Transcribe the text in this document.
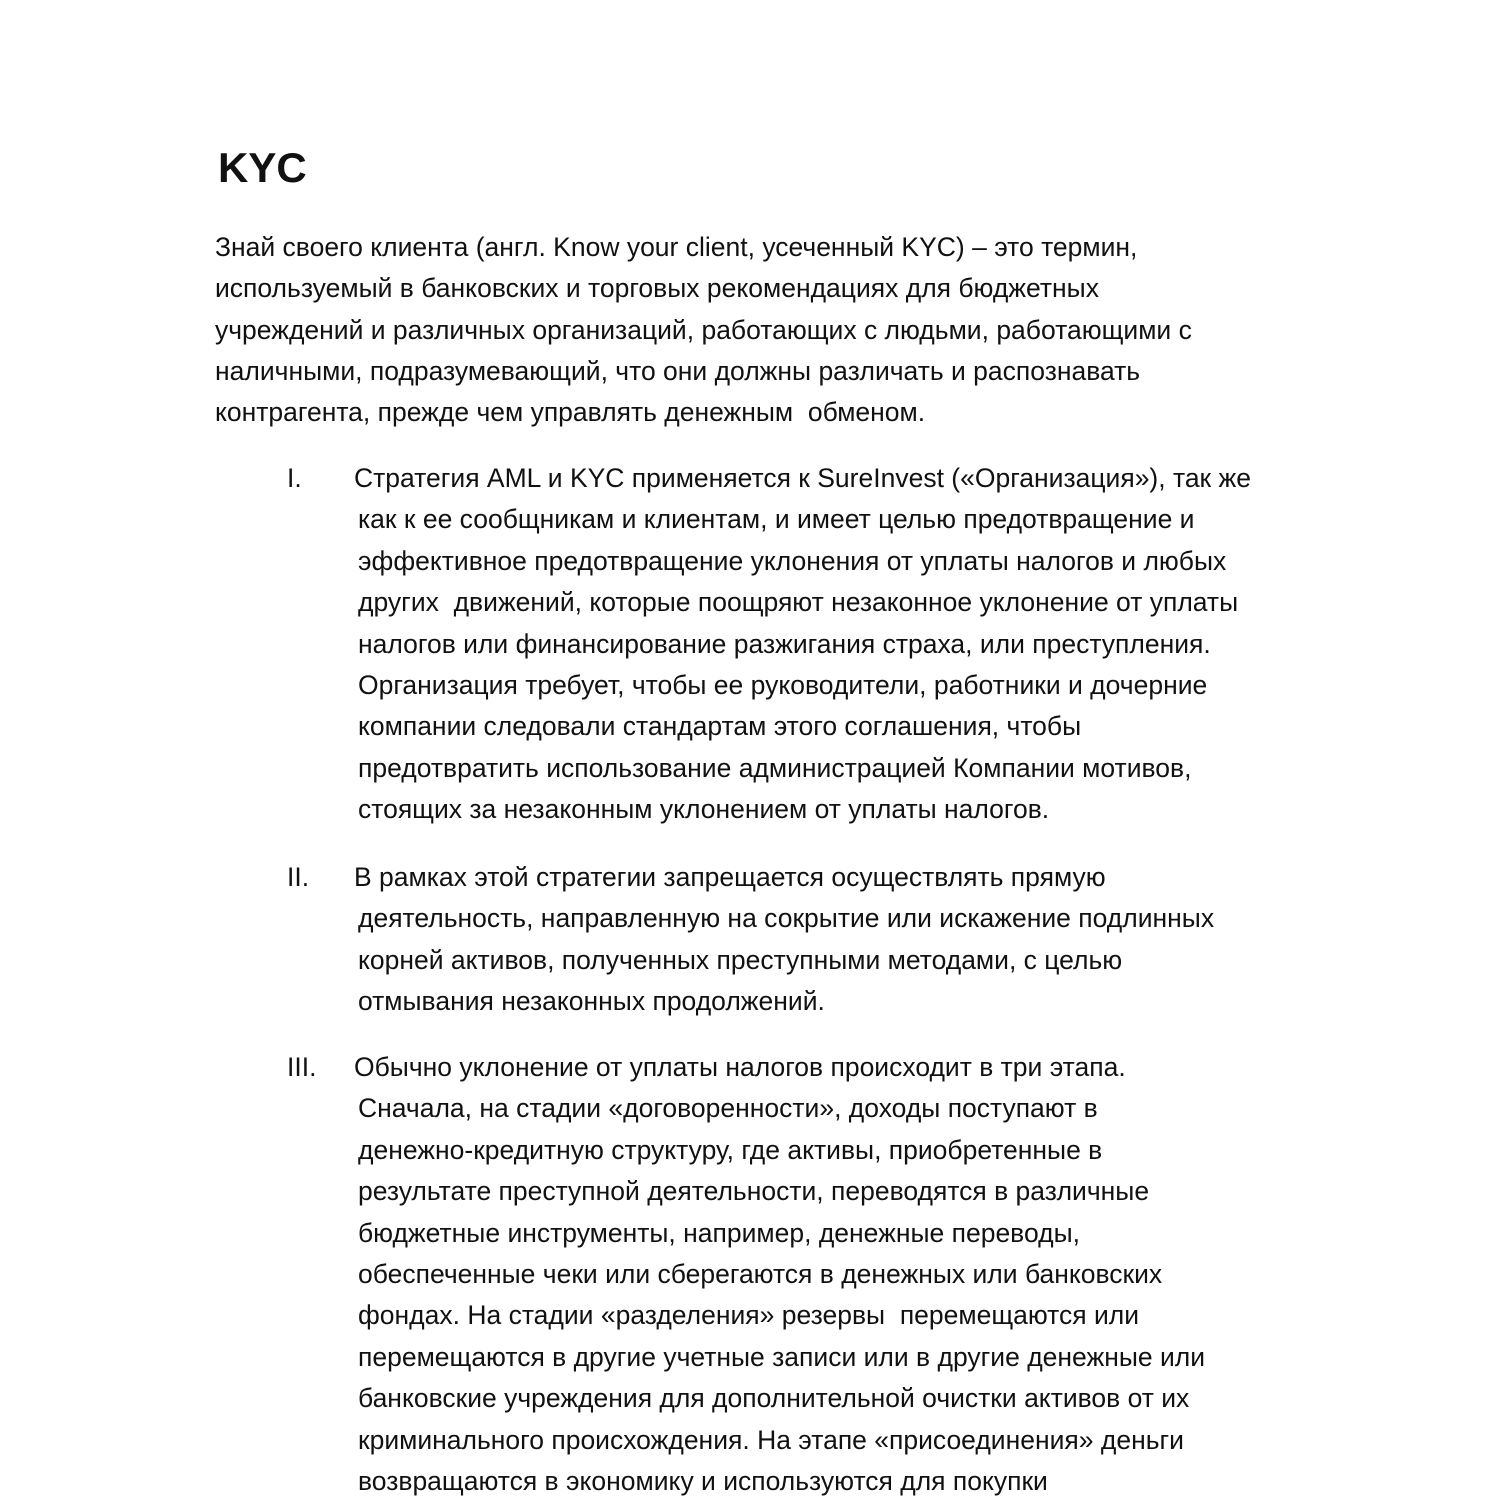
KYC
Знай своего клиента (англ. Know your client, усеченный KYC) – это термин,
используемый в банковских и торговых рекомендациях для бюджетных
учреждений и различных организаций, работающих с людьми, работающими с
наличными, подразумевающий, что они должны различать и распознавать
контрагента, прежде чем управлять денежным  обменом.
I. Стратегия AML и KYC применяется к SureInvest («Организация»), так же
как к ее сообщникам и клиентам, и имеет целью предотвращение и
эффективное предотвращение уклонения от уплаты налогов и любых
других  движений, которые поощряют незаконное уклонение от уплаты
налогов или финансирование разжигания страха, или преступления.
Организация требует, чтобы ее руководители, работники и дочерние
компании следовали стандартам этого соглашения, чтобы
предотвратить использование администрацией Компании мотивов,
стоящих за незаконным уклонением от уплаты налогов.
II. В рамках этой стратегии запрещается осуществлять прямую
деятельность, направленную на сокрытие или искажение подлинных
корней активов, полученных преступными методами, с целью
отмывания незаконных продолжений.
III. Обычно уклонение от уплаты налогов происходит в три этапа.
Сначала, на стадии «договоренности», доходы поступают в
денежно-кредитную структуру, где активы, приобретенные в
результате преступной деятельности, переводятся в различные
бюджетные инструменты, например, денежные переводы,
обеспеченные чеки или сберегаются в денежных или банковских
фондах. На стадии «разделения» резервы  перемещаются или
перемещаются в другие учетные записи или в другие денежные или
банковские учреждения для дополнительной очистки активов от их
криминального происхождения. На этапе «присоединения» деньги
возвращаются в экономику и используются для покупки
